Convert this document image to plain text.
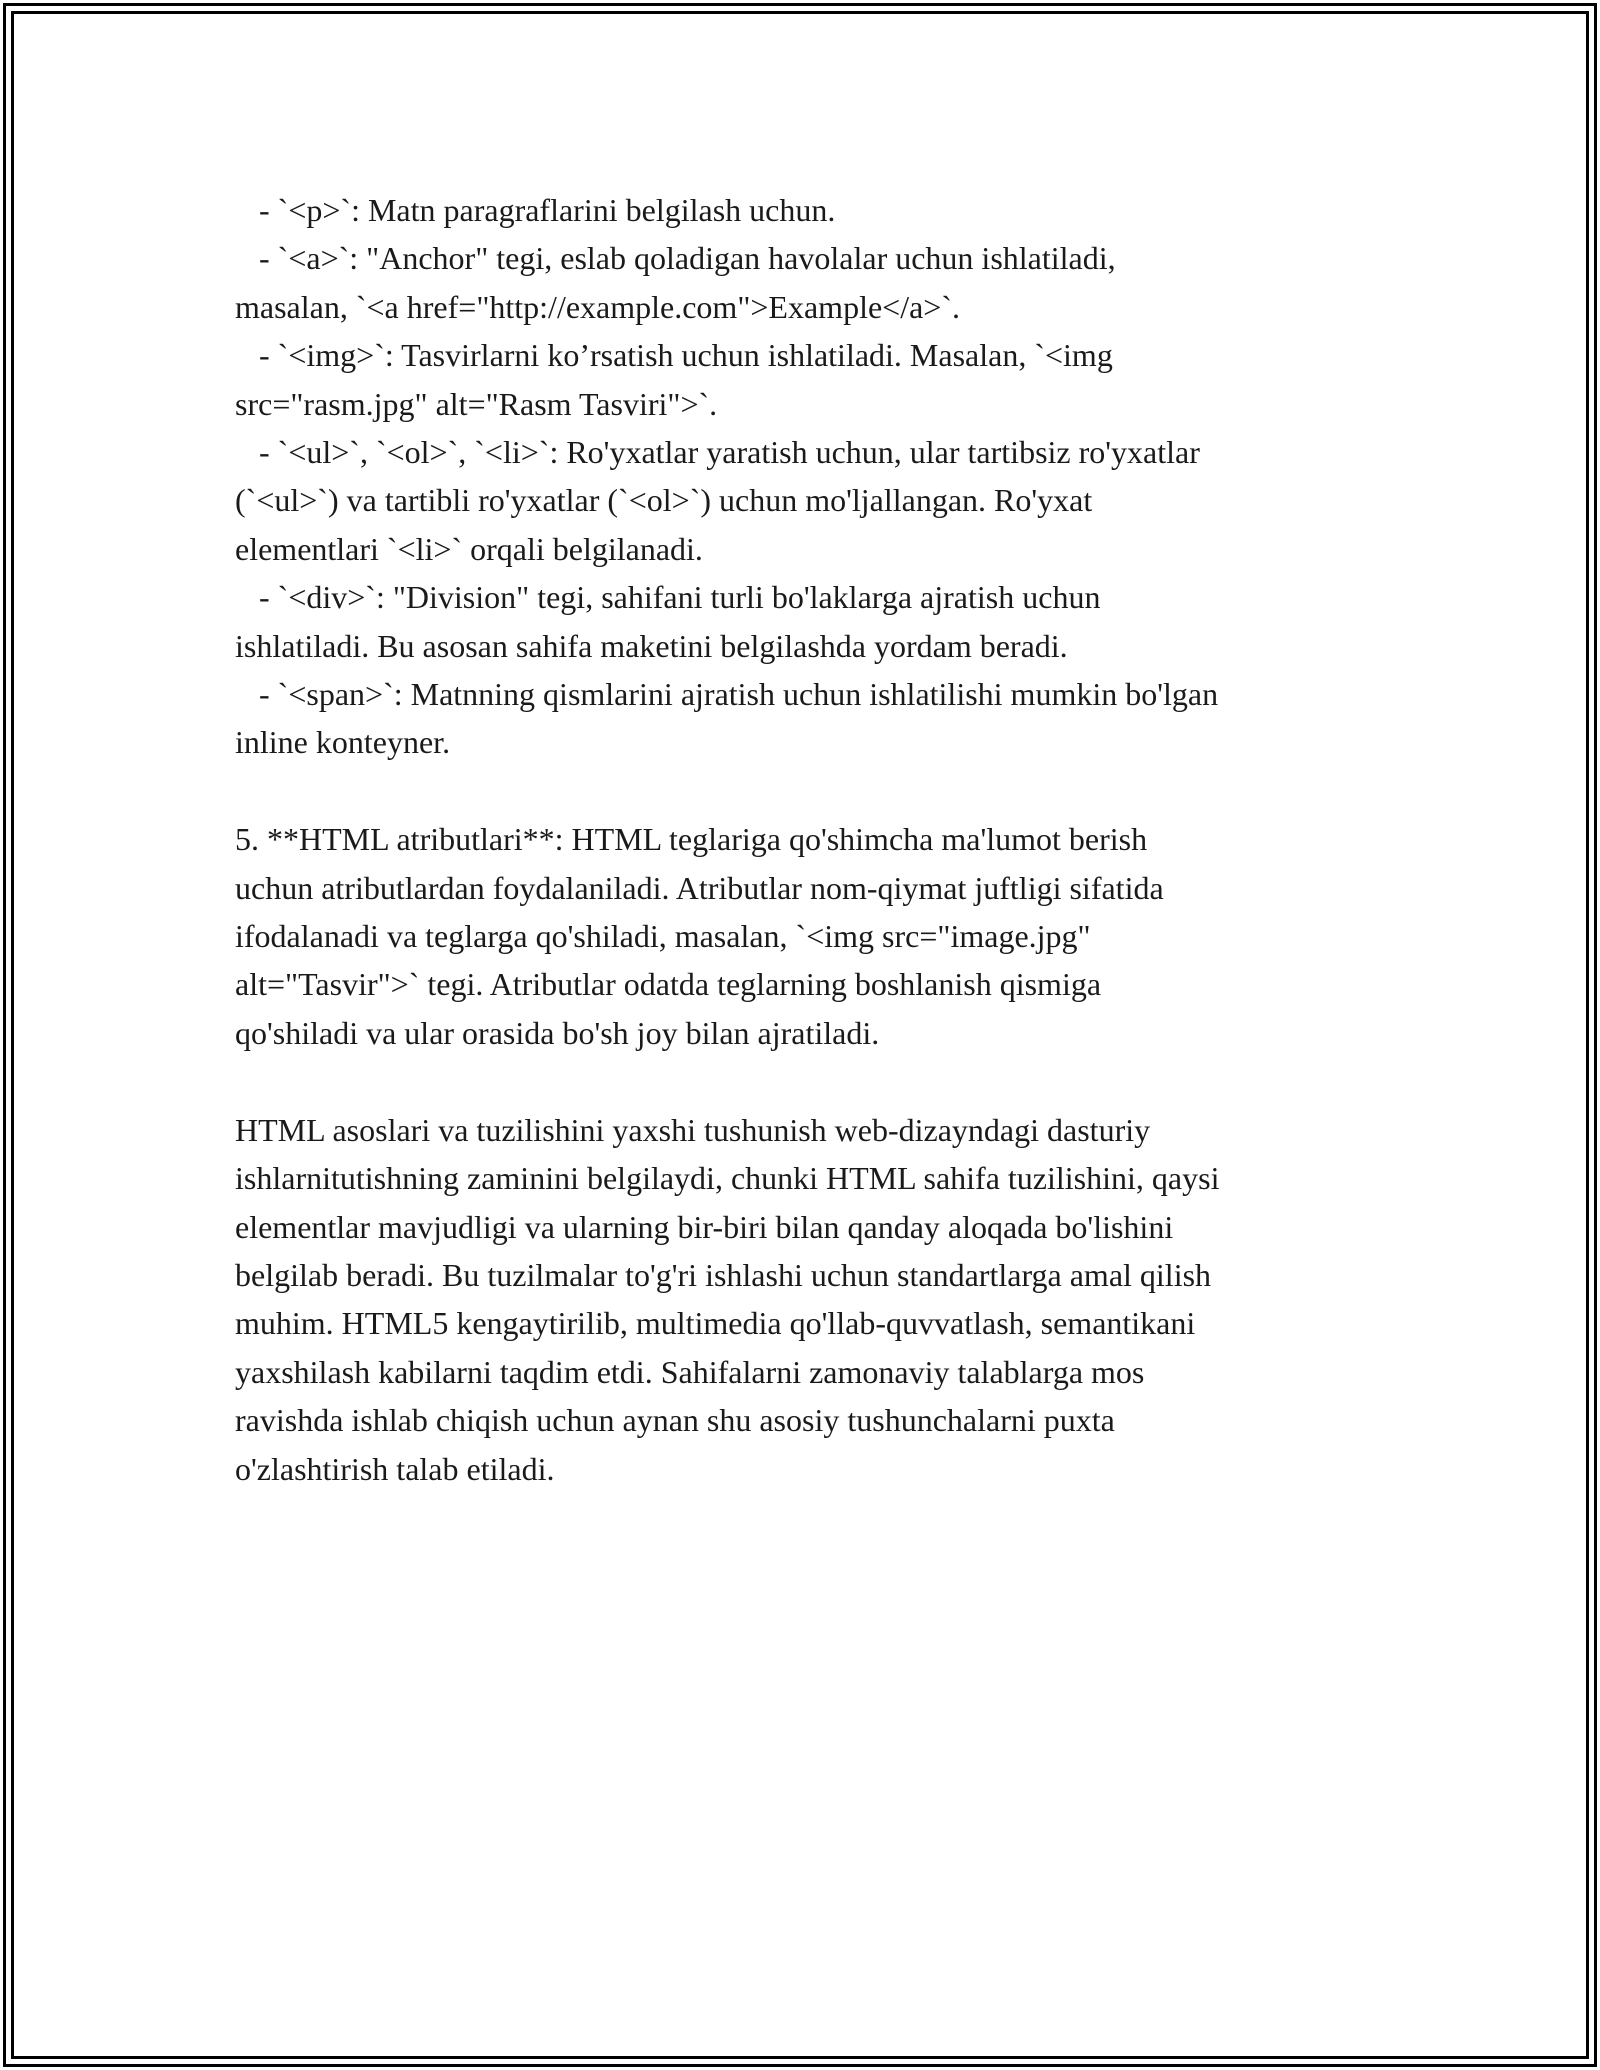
- `<p>`: Matn paragraflarini belgilash uchun.
- `<a>`: "Anchor" tegi, eslab qoladigan havolalar uchun ishlatiladi,
masalan, `<a href="http://example.com">Example</a>`.
- `<img>`: Tasvirlarni ko’rsatish uchun ishlatiladi. Masalan, `<img
src="rasm.jpg" alt="Rasm Tasviri">`.
- `<ul>`, `<ol>`, `<li>`: Ro'yxatlar yaratish uchun, ular tartibsiz ro'yxatlar
(`<ul>`) va tartibli ro'yxatlar (`<ol>`) uchun mo'ljallangan. Ro'yxat
elementlari `<li>` orqali belgilanadi.
- `<div>`: "Division" tegi, sahifani turli bo'laklarga ajratish uchun
ishlatiladi. Bu asosan sahifa maketini belgilashda yordam beradi.
- `<span>`: Matnning qismlarini ajratish uchun ishlatilishi mumkin bo'lgan
inline konteyner.
5. **HTML atributlari**: HTML teglariga qo'shimcha ma'lumot berish
uchun atributlardan foydalaniladi. Atributlar nom-qiymat juftligi sifatida
ifodalanadi va teglarga qo'shiladi, masalan, `<img src="image.jpg"
alt="Tasvir">` tegi. Atributlar odatda teglarning boshlanish qismiga
qo'shiladi va ular orasida bo'sh joy bilan ajratiladi.
HTML asoslari va tuzilishini yaxshi tushunish web-dizayndagi dasturiy
ishlarnitutishning zaminini belgilaydi, chunki HTML sahifa tuzilishini, qaysi
elementlar mavjudligi va ularning bir-biri bilan qanday aloqada bo'lishini
belgilab beradi. Bu tuzilmalar to'g'ri ishlashi uchun standartlarga amal qilish
muhim. HTML5 kengaytirilib, multimedia qo'llab-quvvatlash, semantikani
yaxshilash kabilarni taqdim etdi. Sahifalarni zamonaviy talablarga mos
ravishda ishlab chiqish uchun aynan shu asosiy tushunchalarni puxta
o'zlashtirish talab etiladi.
